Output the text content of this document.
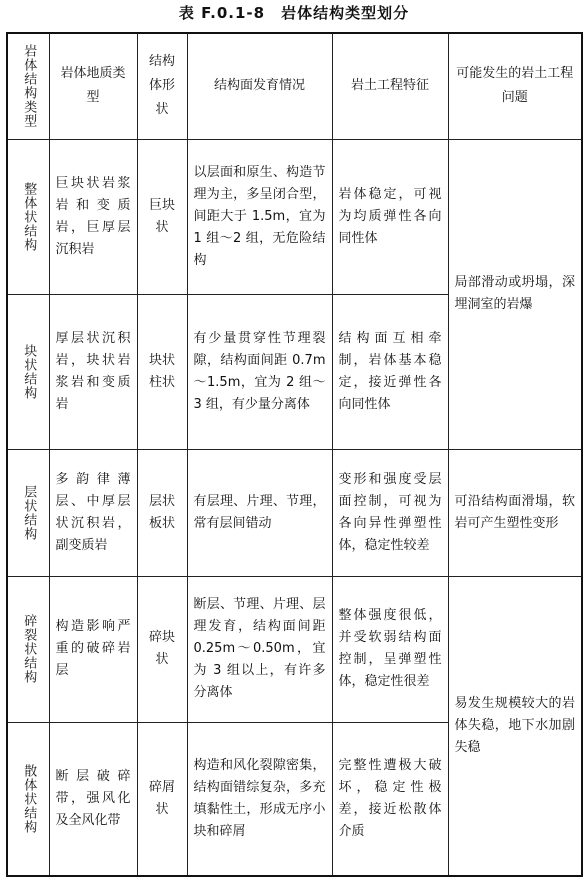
表 F.0.1-8　岩体结构类型划分
岩体结构类型	岩体地质类型	结构体形状	结构面发育情况	岩土工程特征	可能发生的岩土工程问题

整体状结构	巨块状岩浆岩和变质岩，巨厚层沉积岩	巨块状	以层面和原生、构造节理为主，多呈闭合型，间距大于 1.5m，宜为 1 组～2 组，无危险结构	岩体稳定，可视为均质弹性各向同性体	局部滑动或坍塌，深埋洞室的岩爆

块状结构	厚层状沉积岩，块状岩浆岩和变质岩	块状柱状	有少量贯穿性节理裂隙，结构面间距 0.7m～1.5m，宜为 2 组～3 组，有少量分离体	结构面互相牵制，岩体基本稳定，接近弹性各向同性体	

层状结构	多韵律薄层、中厚层状沉积岩，副变质岩	层状板状	有层理、片理、节理，常有层间错动	变形和强度受层面控制，可视为各向异性弹塑性体，稳定性较差	可沿结构面滑塌，软岩可产生塑性变形

碎裂状结构	构造影响严重的破碎岩层	碎块状	断层、节理、片理、层理发育，结构面间距 0.25m～0.50m，宜为 3 组以上，有许多分离体	整体强度很低，并受软弱结构面控制，呈弹塑性体，稳定性很差	易发生规模较大的岩体失稳，地下水加剧失稳

散体状结构	断层破碎带，强风化及全风化带	碎屑状	构造和风化裂隙密集，结构面错综复杂，多充填黏性土，形成无序小块和碎屑	完整性遭极大破坏，稳定性极差，接近松散体介质	
